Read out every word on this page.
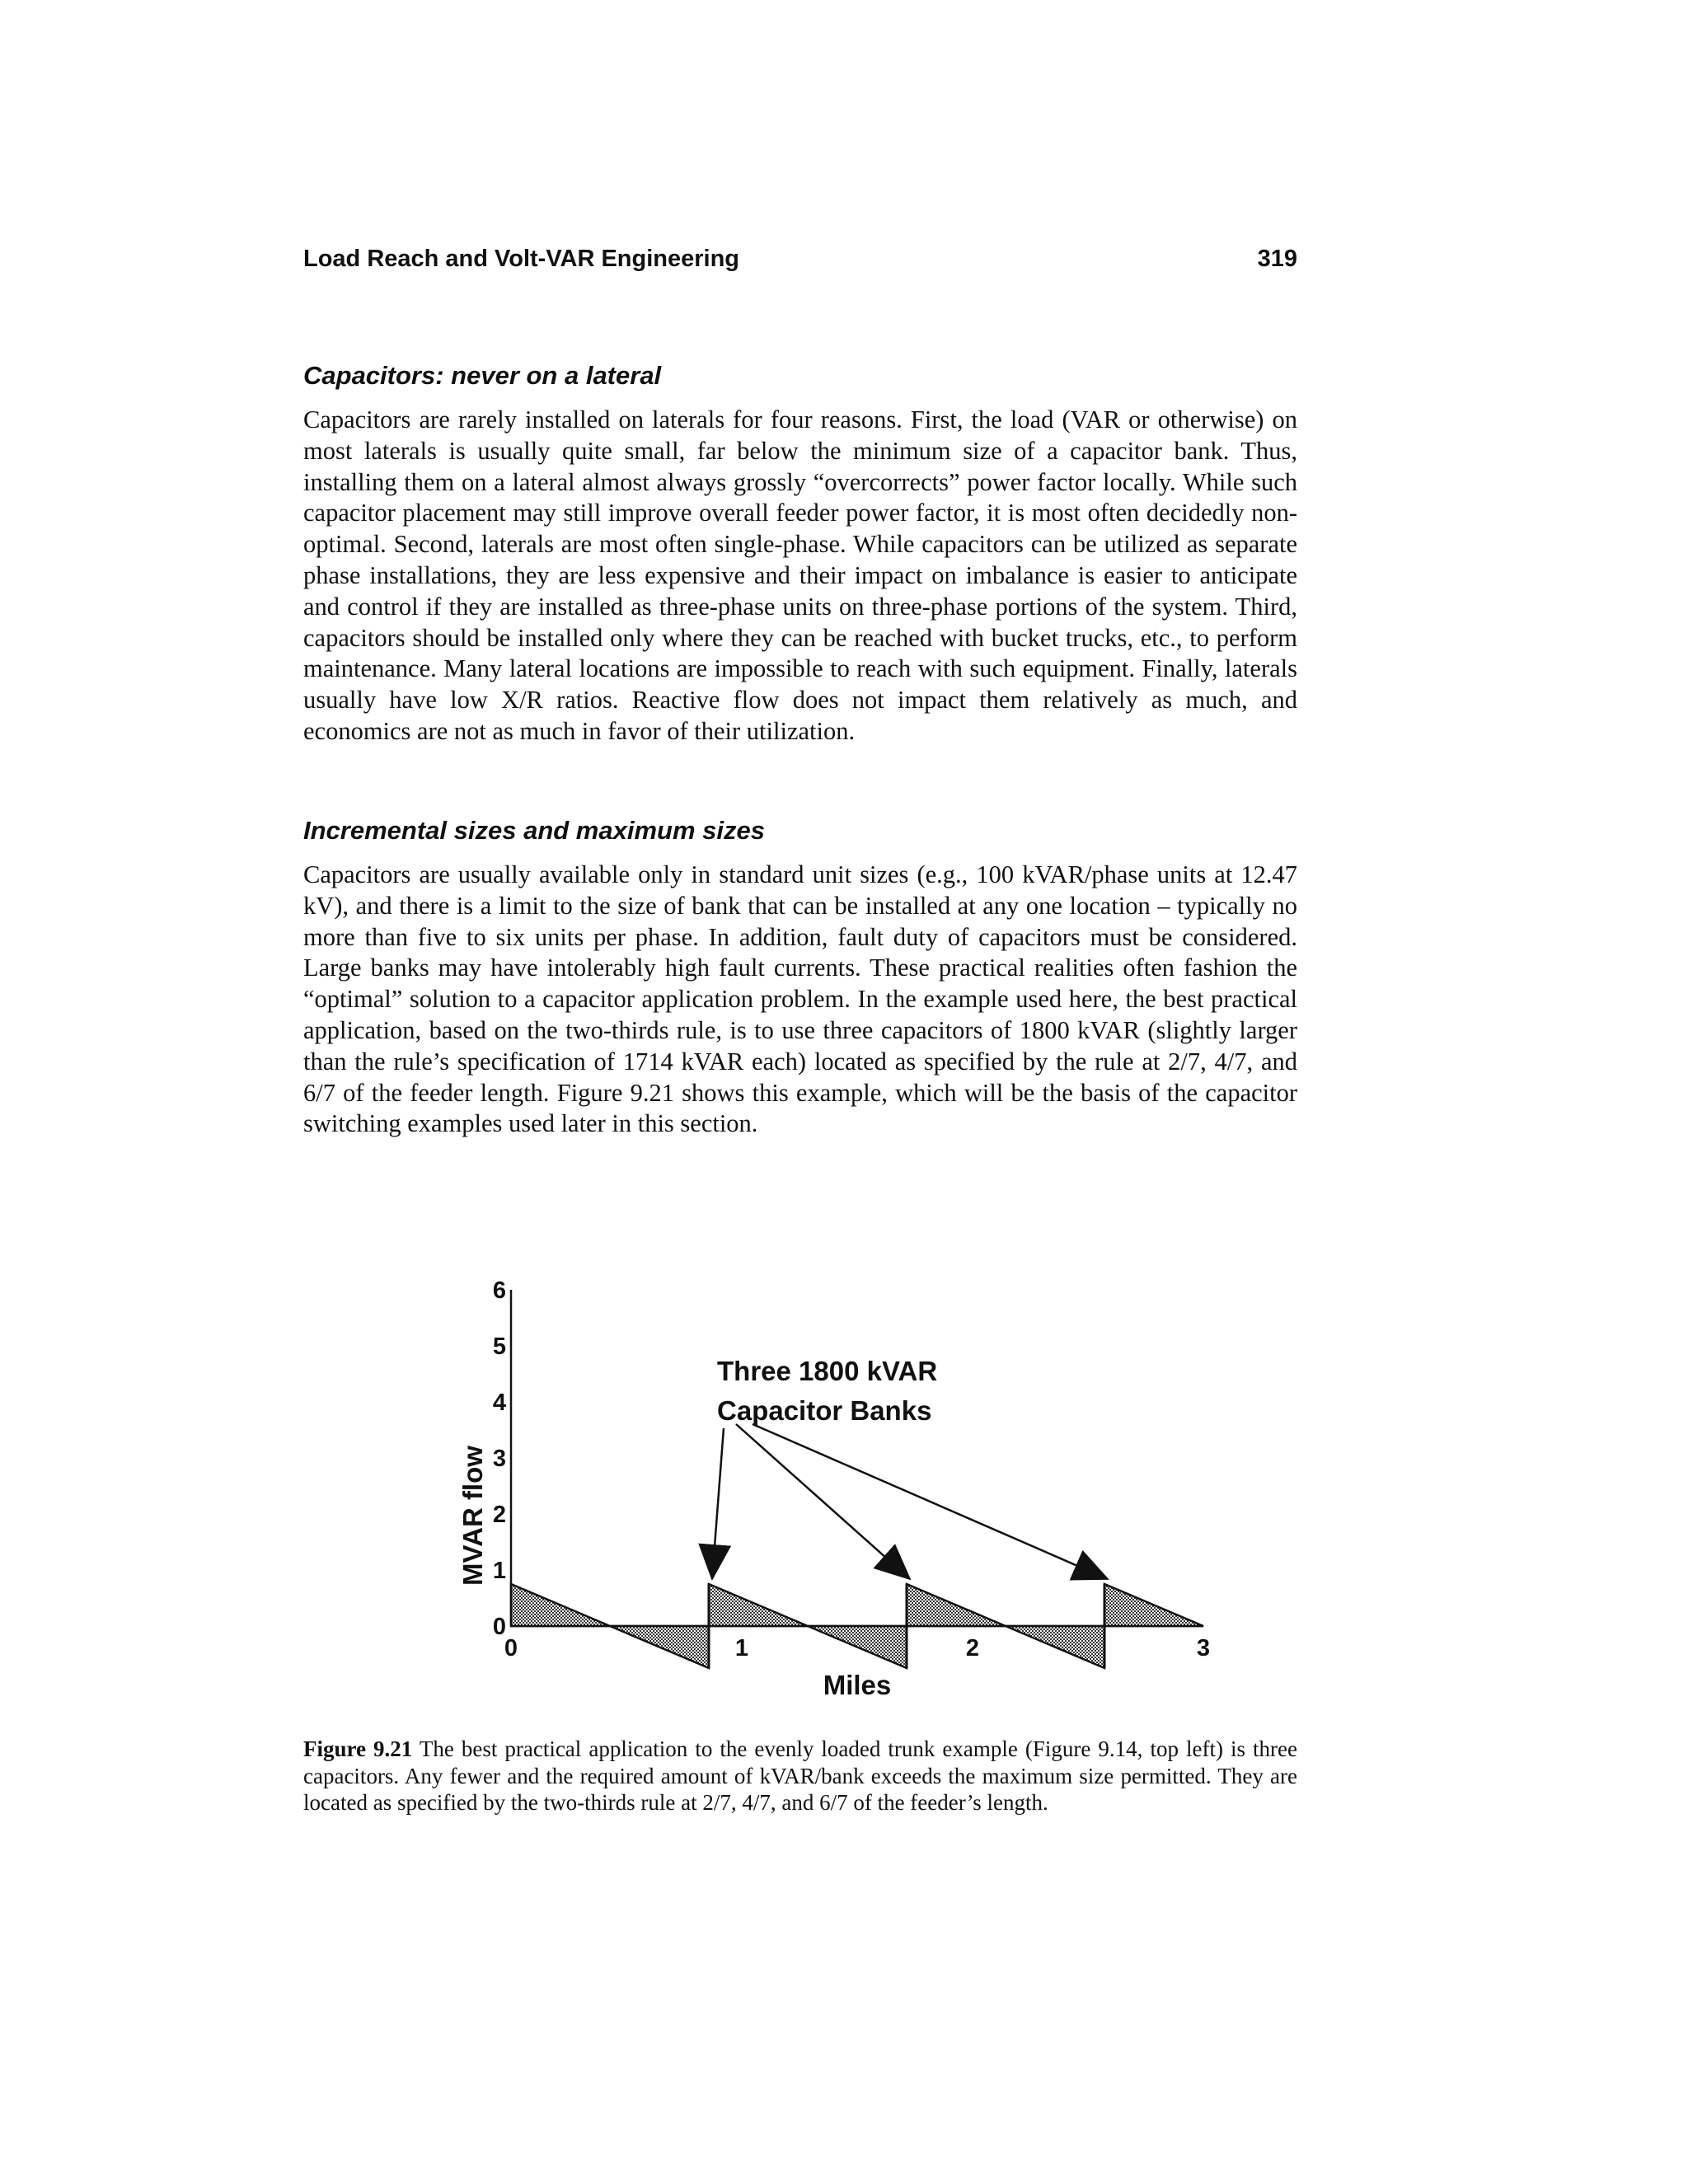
Load Reach and Volt-VAR Engineering	319
Capacitors: never on a lateral

Capacitors are rarely installed on laterals for four reasons. First, the load (VAR or otherwise) on most laterals is usually quite small, far below the minimum size of a capacitor bank. Thus, installing them on a lateral almost always grossly “overcorrects” power factor locally. While such capacitor placement may still improve overall feeder power factor, it is most often decidedly non-optimal. Second, laterals are most often single-phase. While capacitors can be utilized as separate phase installations, they are less expensive and their impact on imbalance is easier to anticipate and control if they are installed as three-phase units on three-phase portions of the system. Third, capacitors should be installed only where they can be reached with bucket trucks, etc., to perform maintenance. Many lateral locations are impossible to reach with such equipment. Finally, laterals usually have low X/R ratios. Reactive flow does not impact them relatively as much, and economics are not as much in favor of their utilization.

Incremental sizes and maximum sizes

Capacitors are usually available only in standard unit sizes (e.g., 100 kVAR/phase units at 12.47 kV), and there is a limit to the size of bank that can be installed at any one location – typically no more than five to six units per phase. In addition, fault duty of capacitors must be considered. Large banks may have intolerably high fault currents. These practical realities often fashion the “optimal” solution to a capacitor application problem. In the example used here, the best practical application, based on the two-thirds rule, is to use three capacitors of 1800 kVAR (slightly larger than the rule’s specification of 1714 kVAR each) located as specified by the rule at 2/7, 4/7, and 6/7 of the feeder length. Figure 9.21 shows this example, which will be the basis of the capacitor switching examples used later in this section.

0
1
2
3
4
5
6
0	1	2	3
MVAR flow
Miles
Three 1800 kVAR
Capacitor Banks

Figure 9.21 The best practical application to the evenly loaded trunk example (Figure 9.14, top left) is three capacitors. Any fewer and the required amount of kVAR/bank exceeds the maximum size permitted. They are located as specified by the two-thirds rule at 2/7, 4/7, and 6/7 of the feeder’s length.
